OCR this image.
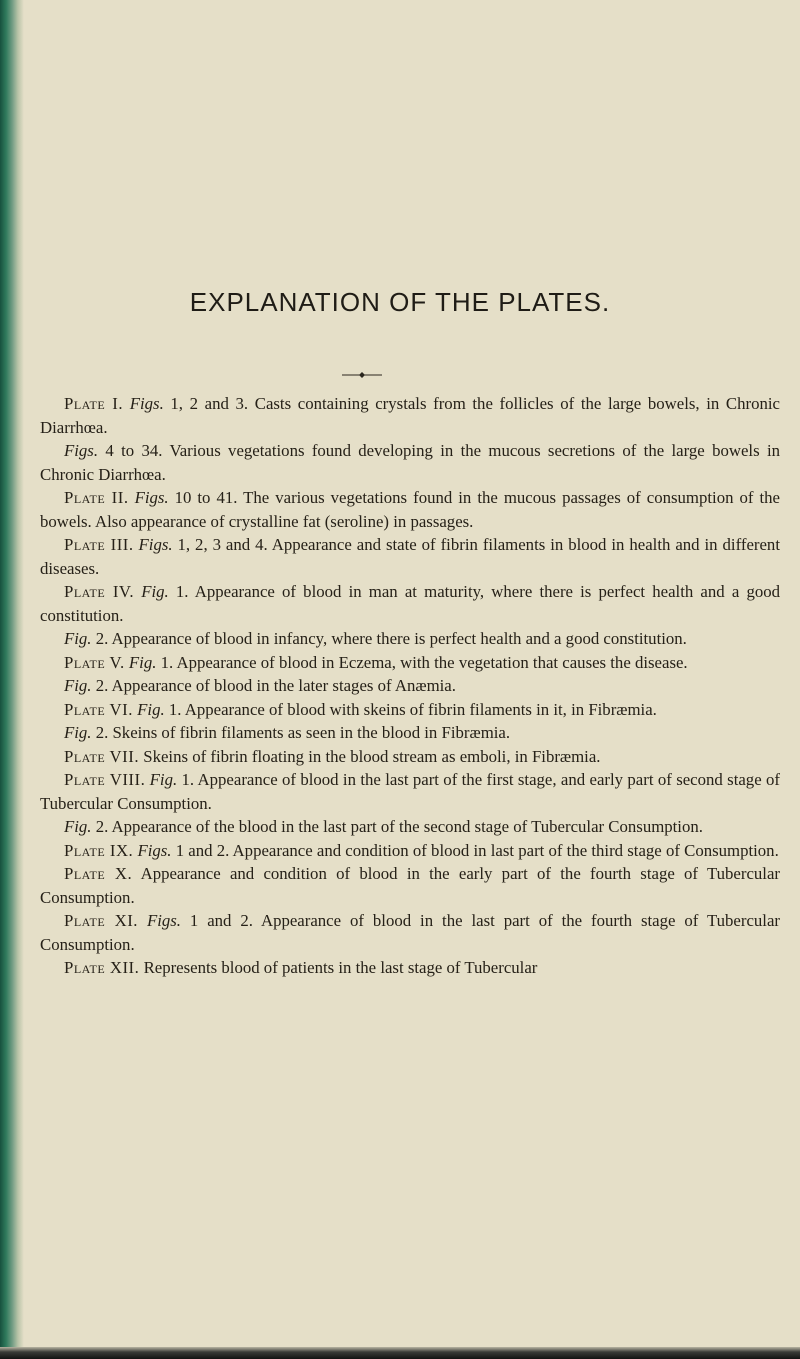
EXPLANATION OF THE PLATES.

Plate I. Figs. 1, 2 and 3. Casts containing crystals from the follicles of the large bowels, in Chronic Diarrhœa.

Figs. 4 to 34. Various vegetations found developing in the mucous secretions of the large bowels in Chronic Diarrhœa.

Plate II. Figs. 10 to 41. The various vegetations found in the mucous passages of consumption of the bowels. Also appearance of crystalline fat (seroline) in passages.

Plate III. Figs. 1, 2, 3 and 4. Appearance and state of fibrin filaments in blood in health and in different diseases.

Plate IV. Fig. 1. Appearance of blood in man at maturity, where there is perfect health and a good constitution.

Fig. 2. Appearance of blood in infancy, where there is perfect health and a good constitution.

Plate V. Fig. 1. Appearance of blood in Eczema, with the vegetation that causes the disease.

Fig. 2. Appearance of blood in the later stages of Anæmia.

Plate VI. Fig. 1. Appearance of blood with skeins of fibrin filaments in it, in Fibræmia.

Fig. 2. Skeins of fibrin filaments as seen in the blood in Fibræmia.

Plate VII. Skeins of fibrin floating in the blood stream as emboli, in Fibræmia.

Plate VIII. Fig. 1. Appearance of blood in the last part of the first stage, and early part of second stage of Tubercular Consumption.

Fig. 2. Appearance of the blood in the last part of the second stage of Tubercular Consumption.

Plate IX. Figs. 1 and 2. Appearance and condition of blood in last part of the third stage of Consumption.

Plate X. Appearance and condition of blood in the early part of the fourth stage of Tubercular Consumption.

Plate XI. Figs. 1 and 2. Appearance of blood in the last part of the fourth stage of Tubercular Consumption.

Plate XII. Represents blood of patients in the last stage of Tubercular
